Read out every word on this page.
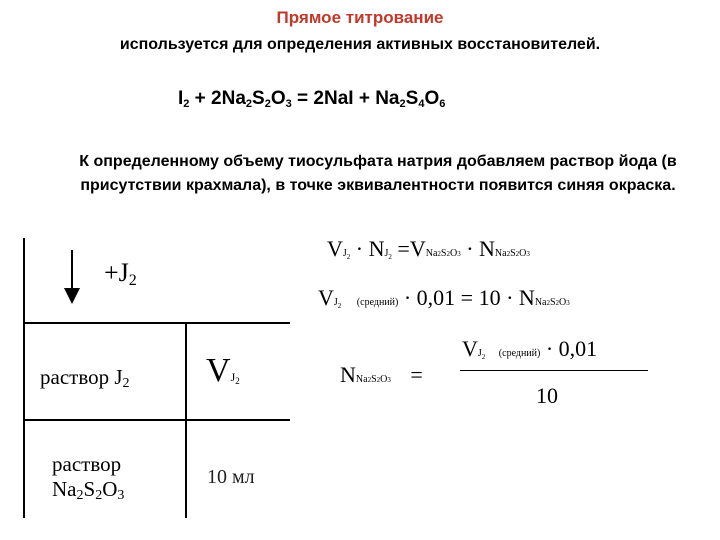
Прямое титрование
используется для определения активных восстановителей.
$I_2 + 2Na_2S_2O_3 = 2NaI + Na_2S_4O_6$
К определенному объему тиосульфата натрия добавляем раствор йода (в присутствии крахмала), в точке эквивалентности появится синяя окраска.
+J2
раствор J2 VJ2
раствор
Na2S2O3
10 мл
VJ2 · NJ2 =VNa2S2O3 · NNa2S2O3
VJ2 (средний) · 0,01 = 10 · NNa2S2O3
NNa2S2O3 =
VJ2 (средний) · 0,01
10
